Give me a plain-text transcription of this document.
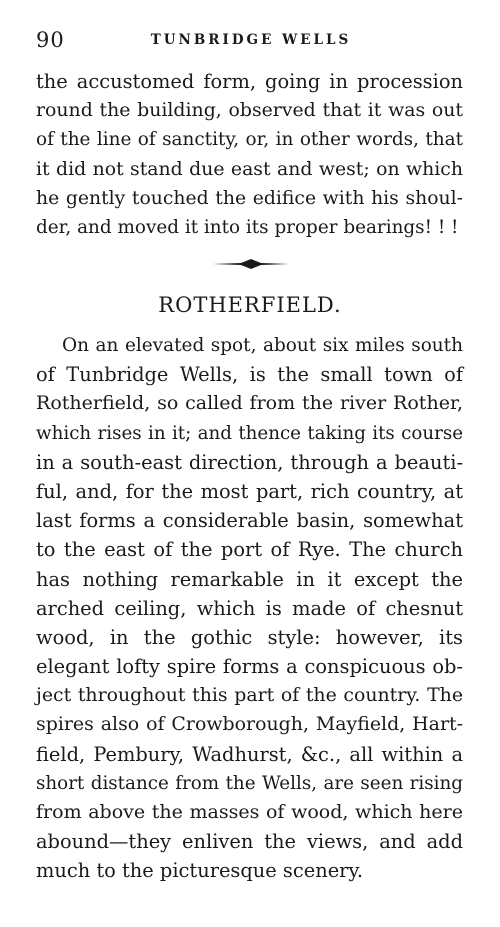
90	TUNBRIDGE WELLS
the accustomed form, going in procession
round the building, observed that it was out
of the line of sanctity, or, in other words, that
it did not stand due east and west; on which
he gently touched the edifice with his shoul-
der, and moved it into its proper bearings! ! !
ROTHERFIELD.
On an elevated spot, about six miles south
of Tunbridge Wells, is the small town of
Rotherfield, so called from the river Rother,
which rises in it; and thence taking its course
in a south-east direction, through a beauti-
ful, and, for the most part, rich country, at
last forms a considerable basin, somewhat
to the east of the port of Rye. The church
has nothing remarkable in it except the
arched ceiling, which is made of chesnut
wood, in the gothic style: however, its
elegant lofty spire forms a conspicuous ob-
ject throughout this part of the country. The
spires also of Crowborough, Mayfield, Hart-
field, Pembury, Wadhurst, &c., all within a
short distance from the Wells, are seen rising
from above the masses of wood, which here
abound—they enliven the views, and add
much to the picturesque scenery.
